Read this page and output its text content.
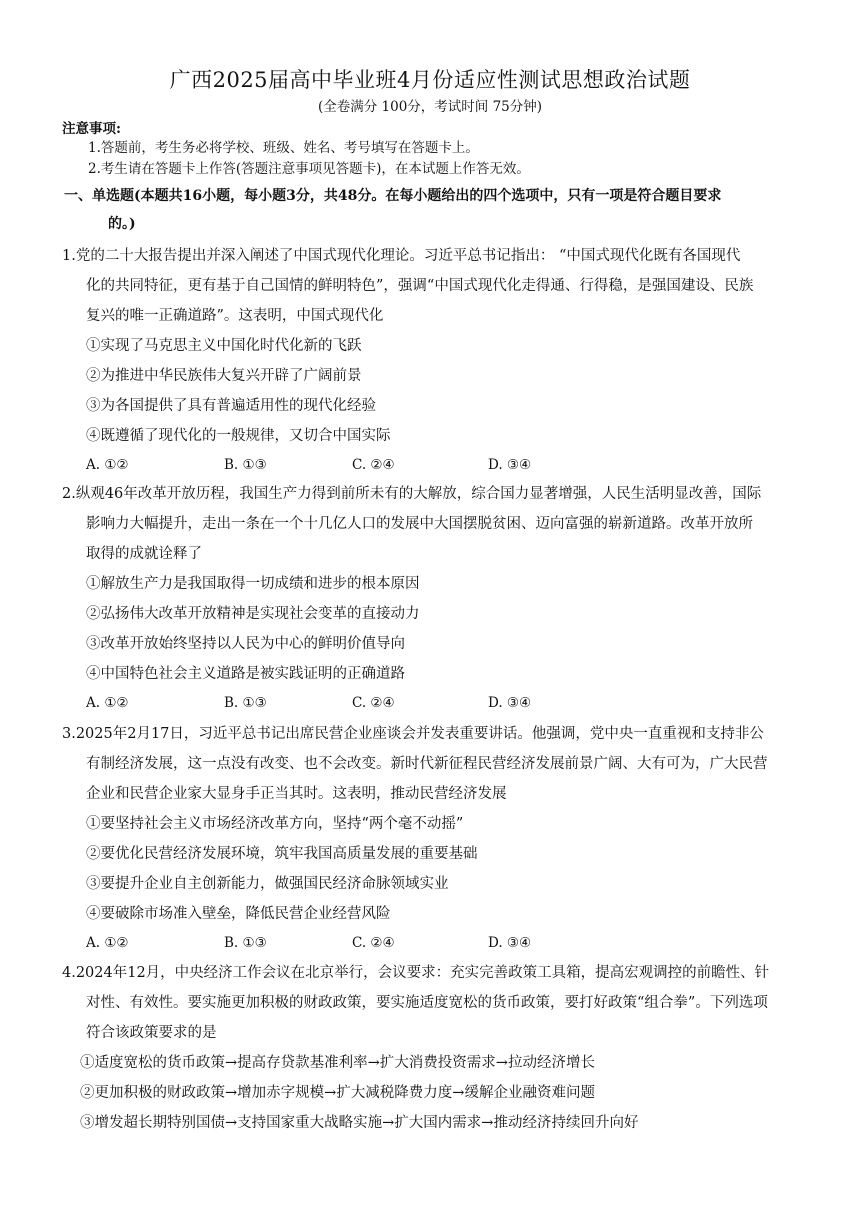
广西2025届高中毕业班4月份适应性测试思想政治试题
(全卷满分 100分，考试时间 75分钟)
注意事项:
1.答题前，考生务必将学校、班级、姓名、考号填写在答题卡上。
2.考生请在答题卡上作答(答题注意事项见答题卡)，在本试题上作答无效。
一、单选题(本题共16小题，每小题3分，共48分。在每小题给出的四个选项中，只有一项是符合题目要求
的。)
1.党的二十大报告提出并深入阐述了中国式现代化理论。习近平总书记指出： “中国式现代化既有各国现代
化的共同特征，更有基于自己国情的鲜明特色”，强调“中国式现代化走得通、行得稳，是强国建设、民族
复兴的唯一正确道路”。这表明，中国式现代化
①实现了马克思主义中国化时代化新的飞跃
②为推进中华民族伟大复兴开辟了广阔前景
③为各国提供了具有普遍适用性的现代化经验
④既遵循了现代化的一般规律，又切合中国实际
A. ①②	B. ①③	C. ②④	D. ③④
2.纵观46年改革开放历程，我国生产力得到前所未有的大解放，综合国力显著增强，人民生活明显改善，国际
影响力大幅提升，走出一条在一个十几亿人口的发展中大国摆脱贫困、迈向富强的崭新道路。改革开放所
取得的成就诠释了
①解放生产力是我国取得一切成绩和进步的根本原因
②弘扬伟大改革开放精神是实现社会变革的直接动力
③改革开放始终坚持以人民为中心的鲜明价值导向
④中国特色社会主义道路是被实践证明的正确道路
A. ①②	B. ①③	C. ②④	D. ③④
3.2025年2月17日，习近平总书记出席民营企业座谈会并发表重要讲话。他强调，党中央一直重视和支持非公
有制经济发展，这一点没有改变、也不会改变。新时代新征程民营经济发展前景广阔、大有可为，广大民营
企业和民营企业家大显身手正当其时。这表明，推动民营经济发展
①要坚持社会主义市场经济改革方向，坚持“两个毫不动摇”
②要优化民营经济发展环境，筑牢我国高质量发展的重要基础
③要提升企业自主创新能力，做强国民经济命脉领域实业
④要破除市场准入壁垒，降低民营企业经营风险
A. ①②	B. ①③	C. ②④	D. ③④
4.2024年12月，中央经济工作会议在北京举行，会议要求：充实完善政策工具箱，提高宏观调控的前瞻性、针
对性、有效性。要实施更加积极的财政政策，要实施适度宽松的货币政策，要打好政策“组合拳”。下列选项
符合该政策要求的是
①适度宽松的货币政策→提高存贷款基准利率→扩大消费投资需求→拉动经济增长
②更加积极的财政政策→增加赤字规模→扩大减税降费力度→缓解企业融资难问题
③增发超长期特别国债→支持国家重大战略实施→扩大国内需求→推动经济持续回升向好
